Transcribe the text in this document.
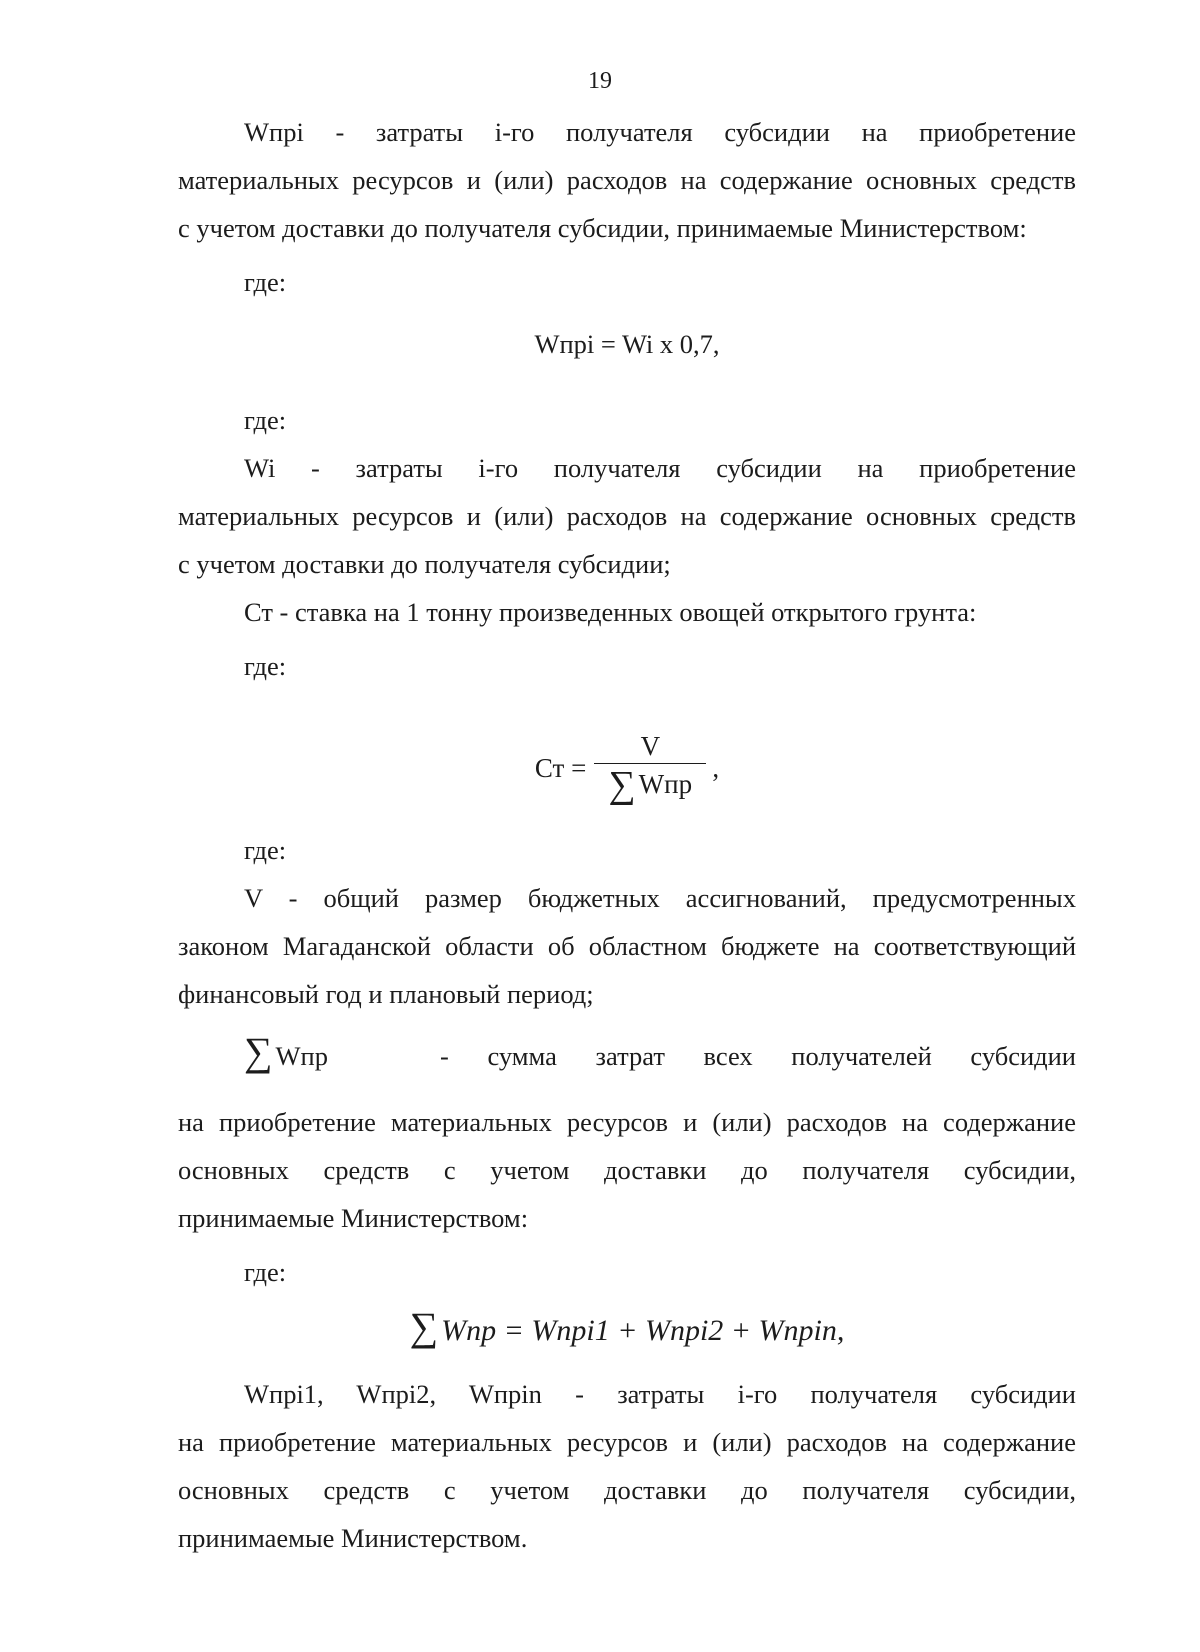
19

Wпрi - затраты i-го получателя субсидии на приобретение

материальных ресурсов и (или) расходов на содержание основных средств

с учетом доставки до получателя субсидии, принимаемые Министерством:

где:

Wпрi = Wi x 0,7,

где:

Wi - затраты i-го получателя субсидии на приобретение

материальных ресурсов и (или) расходов на содержание основных средств

с учетом доставки до получателя субсидии;

Ст - ставка на 1 тонну произведенных овощей открытого грунта:

где:

Ст = $\frac{V}{\text{∑ Wпр}}$ ,

где:

V - общий размер бюджетных ассигнований, предусмотренных

законом Магаданской области об областном бюджете на соответствующий

финансовый год и плановый период;

∑ Wпр	- сумма затрат всех получателей субсидии

на приобретение материальных ресурсов и (или) расходов на содержание

основных средств с учетом доставки до получателя субсидии,

принимаемые Министерством:

где:

∑ Wnp = Wnpi1 + Wnpi2 + Wnpin,

Wпрi1, Wпрi2, Wпрin - затраты i-го получателя субсидии

на приобретение материальных ресурсов и (или) расходов на содержание

основных средств с учетом доставки до получателя субсидии,

принимаемые Министерством.
